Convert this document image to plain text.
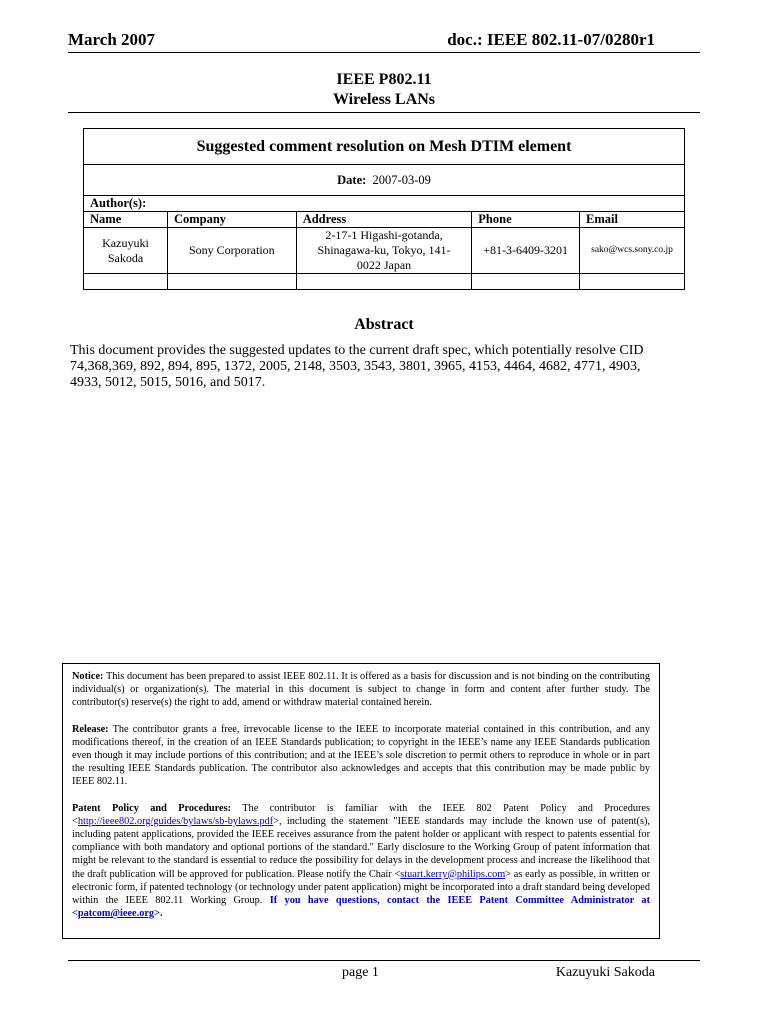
March 2007	doc.: IEEE 802.11-07/0280r1
IEEE P802.11
Wireless LANs
Suggested comment resolution on Mesh DTIM element				
Date: 2007-03-09				
Author(s):				
Name	Company	Address	Phone	Email
Kazuyuki Sakoda	Sony Corporation	2-17-1 Higashi-gotanda, Shinagawa-ku, Tokyo, 141-0022 Japan	+81-3-6409-3201	sako@wcs.sony.co.jp

Abstract
This document provides the suggested updates to the current draft spec, which potentially resolve CID 74,368,369, 892, 894, 895, 1372, 2005, 2148, 3503, 3543, 3801, 3965, 4153, 4464, 4682, 4771, 4903, 4933, 5012, 5015, 5016, and 5017.

Notice: This document has been prepared to assist IEEE 802.11. It is offered as a basis for discussion and is not binding on the contributing individual(s) or organization(s). The material in this document is subject to change in form and content after further study. The contributor(s) reserve(s) the right to add, amend or withdraw material contained herein.

Release: The contributor grants a free, irrevocable license to the IEEE to incorporate material contained in this contribution, and any modifications thereof, in the creation of an IEEE Standards publication; to copyright in the IEEE’s name any IEEE Standards publication even though it may include portions of this contribution; and at the IEEE’s sole discretion to permit others to reproduce in whole or in part the resulting IEEE Standards publication. The contributor also acknowledges and accepts that this contribution may be made public by IEEE 802.11.

Patent Policy and Procedures: The contributor is familiar with the IEEE 802 Patent Policy and Procedures <http://ieee802.org/guides/bylaws/sb-bylaws.pdf>, including the statement "IEEE standards may include the known use of patent(s), including patent applications, provided the IEEE receives assurance from the patent holder or applicant with respect to patents essential for compliance with both mandatory and optional portions of the standard." Early disclosure to the Working Group of patent information that might be relevant to the standard is essential to reduce the possibility for delays in the development process and increase the likelihood that the draft publication will be approved for publication. Please notify the Chair <stuart.kerry@philips.com> as early as possible, in written or electronic form, if patented technology (or technology under patent application) might be incorporated into a draft standard being developed within the IEEE 802.11 Working Group. If you have questions, contact the IEEE Patent Committee Administrator at <patcom@ieee.org>.

page 1	Kazuyuki Sakoda
